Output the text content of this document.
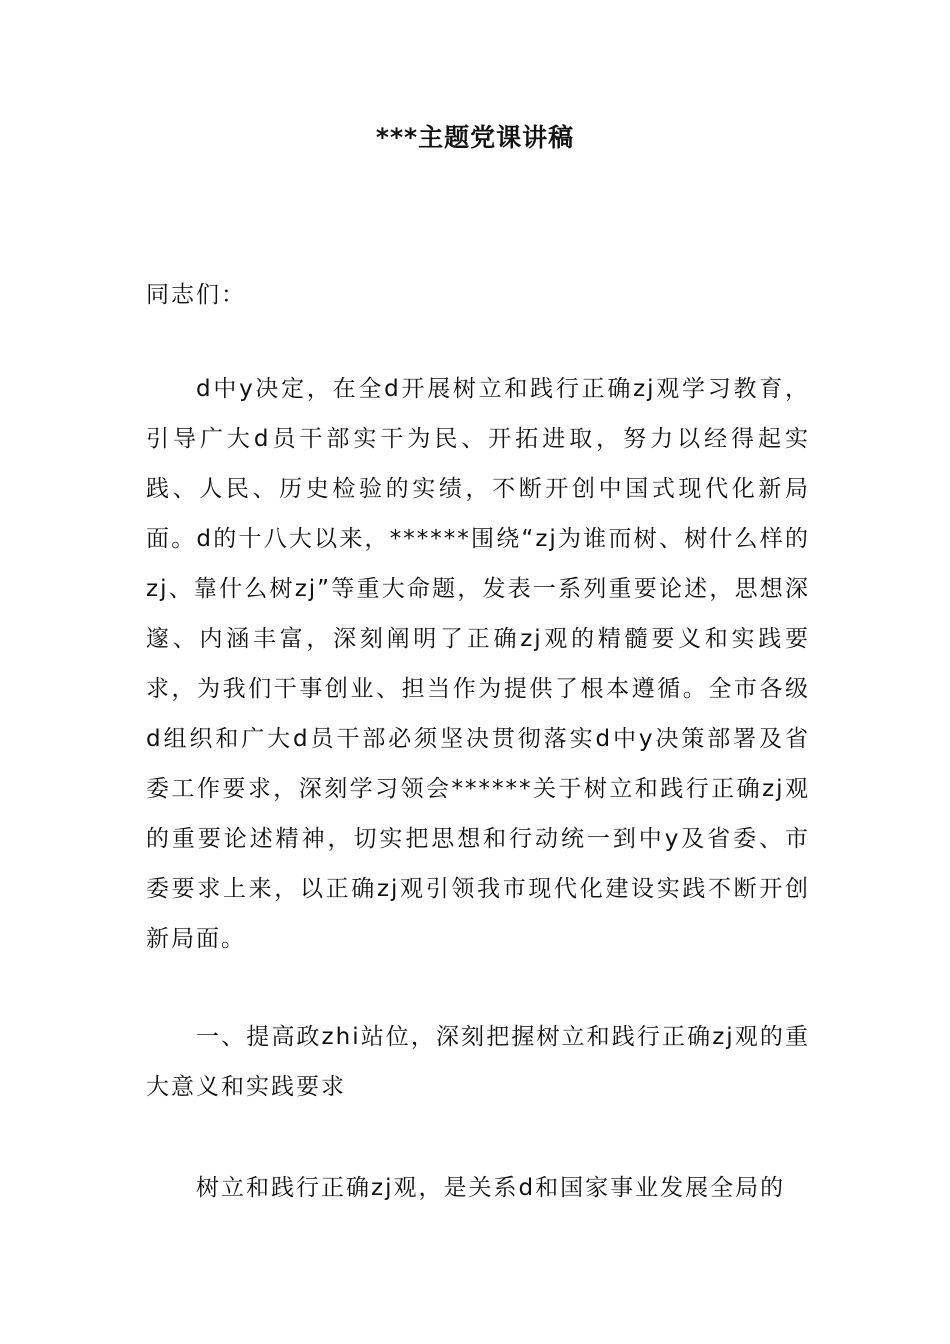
***主题党课讲稿

同志们：

d中y决定，在全d开展树立和践行正确zj观学习教育，引导广大d员干部实干为民、开拓进取，努力以经得起实践、人民、历史检验的实绩，不断开创中国式现代化新局面。d的十八大以来，******围绕“zj为谁而树、树什么样的zj、靠什么树zj”等重大命题，发表一系列重要论述，思想深邃、内涵丰富，深刻阐明了正确zj观的精髓要义和实践要求，为我们干事创业、担当作为提供了根本遵循。全市各级d组织和广大d员干部必须坚决贯彻落实d中y决策部署及省委工作要求，深刻学习领会******关于树立和践行正确zj观的重要论述精神，切实把思想和行动统一到中y及省委、市委要求上来，以正确zj观引领我市现代化建设实践不断开创新局面。

一、提高政zhi站位，深刻把握树立和践行正确zj观的重大意义和实践要求

树立和践行正确zj观，是关系d和国家事业发展全局的
